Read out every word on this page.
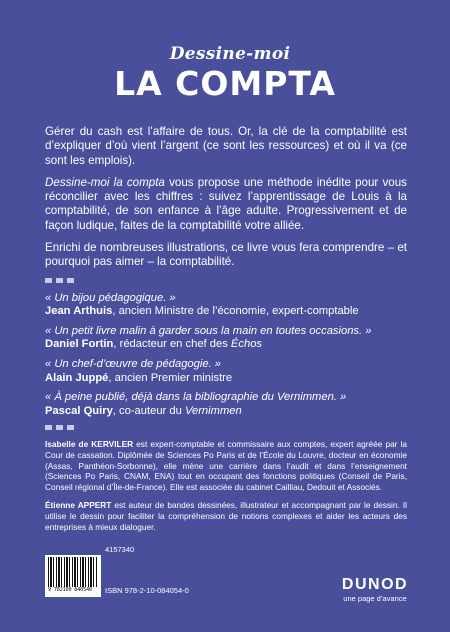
Dessine-moi
LA COMPTA

Gérer du cash est l’affaire de tous. Or, la clé de la comptabilité est d’expliquer d’où vient l’argent (ce sont les ressources) et où il va (ce sont les emplois).

Dessine-moi la compta vous propose une méthode inédite pour vous réconcilier avec les chiffres : suivez l’apprentissage de Louis à la comptabilité, de son enfance à l’âge adulte. Progressivement et de façon ludique, faites de la comptabilité votre alliée.

Enrichi de nombreuses illustrations, ce livre vous fera comprendre – et pourquoi pas aimer – la comptabilité.

« Un bijou pédagogique. »
Jean Arthuis, ancien Ministre de l’économie, expert-comptable
« Un petit livre malin à garder sous la main en toutes occasions. »
Daniel Fortin, rédacteur en chef des Échos
« Un chef-d’œuvre de pédagogie. »
Alain Juppé, ancien Premier ministre
« À peine publié, déjà dans la bibliographie du Vernimmen. »
Pascal Quiry, co-auteur du Vernimmen

Isabelle de KERVILER est expert-comptable et commissaire aux comptes, expert agréée par la Cour de cassation. Diplômée de Sciences Po Paris et de l’École du Louvre, docteur en économie (Assas, Panthéon-Sorbonne), elle mène une carrière dans l’audit et dans l’enseignement (Sciences Po Paris, CNAM, ENA) tout en occupant des fonctions politiques (Conseil de Paris, Conseil régional d’Île-de-France). Elle est associée du cabinet Cailliau, Dedouit et Associés.

Étienne APPERT est auteur de bandes dessinées, illustrateur et accompagnant par le dessin. Il utilise le dessin pour faciliter la compréhension de notions complexes et aider les acteurs des entreprises à mieux dialoguer.

4157340
9 782100 840540	ISBN 978-2-10-084054-0	DUNOD
une page d’avance
